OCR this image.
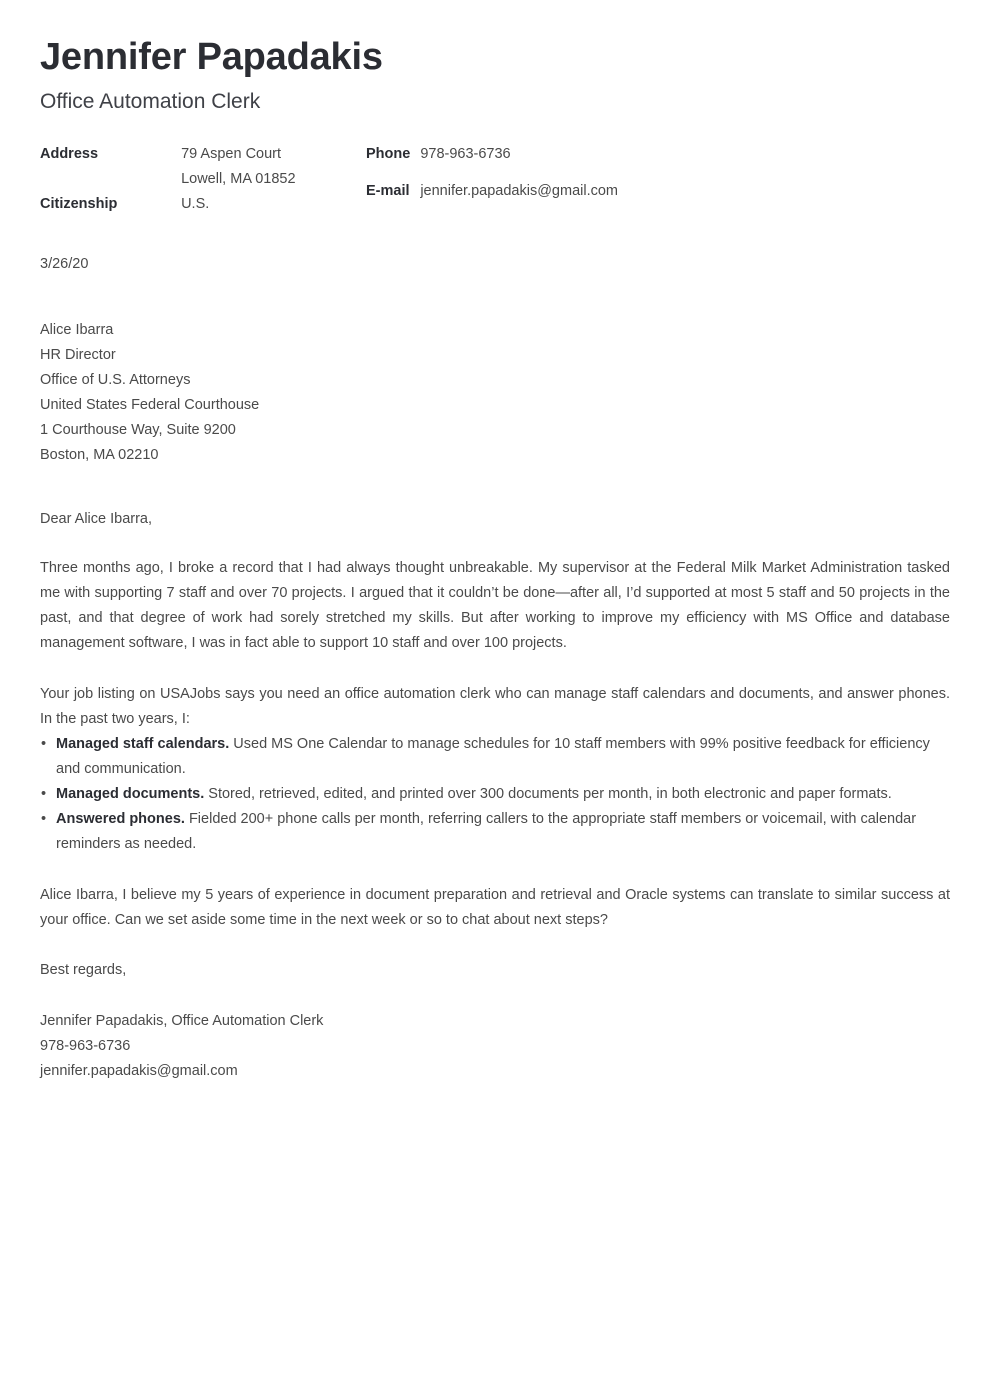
Jennifer Papadakis
Office Automation Clerk
Address	79 Aspen Court
	Lowell, MA 01852
Citizenship	U.S.
Phone	978-963-6736
E-mail	jennifer.papadakis@gmail.com
3/26/20
Alice Ibarra
HR Director
Office of U.S. Attorneys
United States Federal Courthouse
1 Courthouse Way, Suite 9200
Boston, MA 02210
Dear Alice Ibarra,

Three months ago, I broke a record that I had always thought unbreakable. My supervisor at the Federal Milk Market Administration tasked me with supporting 7 staff and over 70 projects. I argued that it couldn’t be done—after all, I’d supported at most 5 staff and 50 projects in the past, and that degree of work had sorely stretched my skills. But after working to improve my efficiency with MS Office and database management software, I was in fact able to support 10 staff and over 100 projects.

Your job listing on USAJobs says you need an office automation clerk who can manage staff calendars and documents, and answer phones. In the past two years, I:

• Managed staff calendars. Used MS One Calendar to manage schedules for 10 staff members with 99% positive feedback for efficiency and communication.
• Managed documents. Stored, retrieved, edited, and printed over 300 documents per month, in both electronic and paper formats.
• Answered phones. Fielded 200+ phone calls per month, referring callers to the appropriate staff members or voicemail, with calendar reminders as needed.

Alice Ibarra, I believe my 5 years of experience in document preparation and retrieval and Oracle systems can translate to similar success at your office. Can we set aside some time in the next week or so to chat about next steps?

Best regards,
Jennifer Papadakis, Office Automation Clerk
978-963-6736
jennifer.papadakis@gmail.com
